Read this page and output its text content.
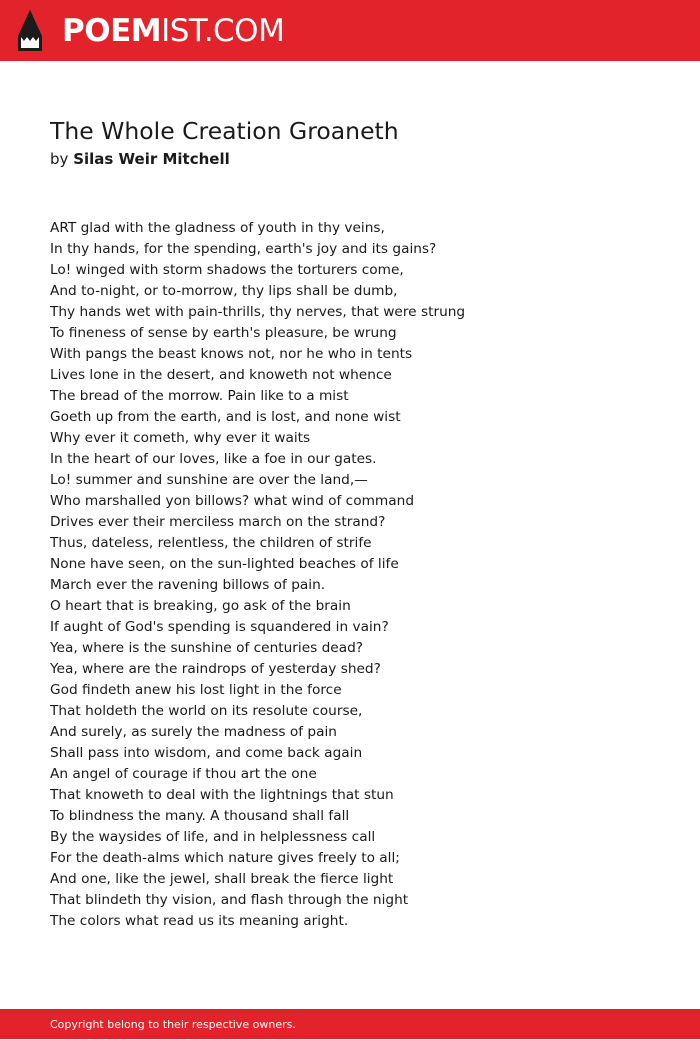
POEMIST.COM
The Whole Creation Groaneth
by Silas Weir Mitchell
ART glad with the gladness of youth in thy veins,
In thy hands, for the spending, earth's joy and its gains?
Lo! winged with storm shadows the torturers come,
And to-night, or to-morrow, thy lips shall be dumb,
Thy hands wet with pain-thrills, thy nerves, that were strung
To fineness of sense by earth's pleasure, be wrung
With pangs the beast knows not, nor he who in tents
Lives lone in the desert, and knoweth not whence
The bread of the morrow. Pain like to a mist
Goeth up from the earth, and is lost, and none wist
Why ever it cometh, why ever it waits
In the heart of our loves, like a foe in our gates.
Lo! summer and sunshine are over the land,—
Who marshalled yon billows? what wind of command
Drives ever their merciless march on the strand?
Thus, dateless, relentless, the children of strife
None have seen, on the sun-lighted beaches of life
March ever the ravening billows of pain.
O heart that is breaking, go ask of the brain
If aught of God's spending is squandered in vain?
Yea, where is the sunshine of centuries dead?
Yea, where are the raindrops of yesterday shed?
God findeth anew his lost light in the force
That holdeth the world on its resolute course,
And surely, as surely the madness of pain
Shall pass into wisdom, and come back again
An angel of courage if thou art the one
That knoweth to deal with the lightnings that stun
To blindness the many. A thousand shall fall
By the waysides of life, and in helplessness call
For the death-alms which nature gives freely to all;
And one, like the jewel, shall break the fierce light
That blindeth thy vision, and flash through the night
The colors what read us its meaning aright.
Copyright belong to their respective owners.
